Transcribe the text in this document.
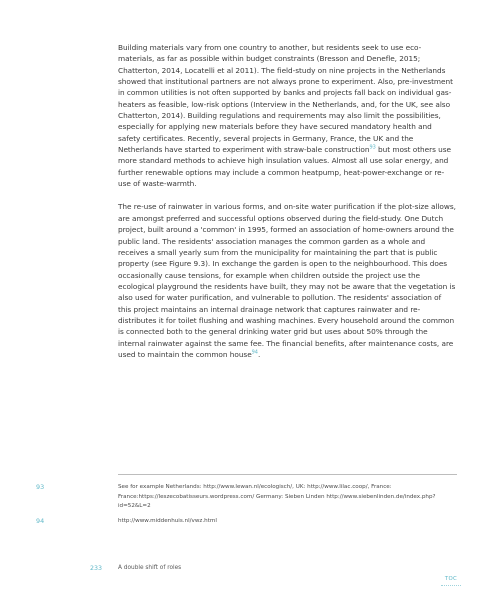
Building materials vary from one country to another, but residents seek to use eco-materials, as far as possible within budget constraints (Bresson and Denefle, 2015; Chatterton, 2014, Locatelli et al 2011). The field-study on nine projects in the Netherlands showed that institutional partners are not always prone to experiment. Also, pre-investment in common utilities is not often supported by banks and projects fall back on individual gas-heaters as feasible, low-risk options (Interview in the Netherlands, and, for the UK, see also Chatterton, 2014). Building regulations and requirements may also limit the possibilities, especially for applying new materials before they have secured mandatory health and safety certificates. Recently, several projects in Germany, France, the UK and the Netherlands have started to experiment with straw-bale construction$^{93}$ but most others use more standard methods to achieve high insulation values. Almost all use solar energy, and further renewable options may include a common heatpump, heat-power-exchange or re-use of waste-warmth.

The re-use of rainwater in various forms, and on-site water purification if the plot-size allows, are amongst preferred and successful options observed during the field-study. One Dutch project, built around a 'common' in 1995, formed an association of home-owners around the public land. The residents' association manages the common garden as a whole and receives a small yearly sum from the municipality for maintaining the part that is public property (see Figure 9.3). In exchange the garden is open to the neighbourhood. This does occasionally cause tensions, for example when children outside the project use the ecological playground the residents have built, they may not be aware that the vegetation is also used for water purification, and vulnerable to pollution. The residents' association of this project maintains an internal drainage network that captures rainwater and re-distributes it for toilet flushing and washing machines. Every household around the common is connected both to the general drinking water grid but uses about 50% through the internal rainwater against the same fee. The financial benefits, after maintenance costs, are used to maintain the common house$^{94}$.

93	See for example Netherlands: http://www.lewan.nl/ecologisch/, UK: http://www.lilac.coop/, France: France:https://leszecobatisseurs.wordpress.com/ Germany: Sieben Linden http://www.siebenlinden.de/index.php?id=52&L=2
94	http://www.middenhuis.nl/vwz.html
233	A double shift of roles
TOC
